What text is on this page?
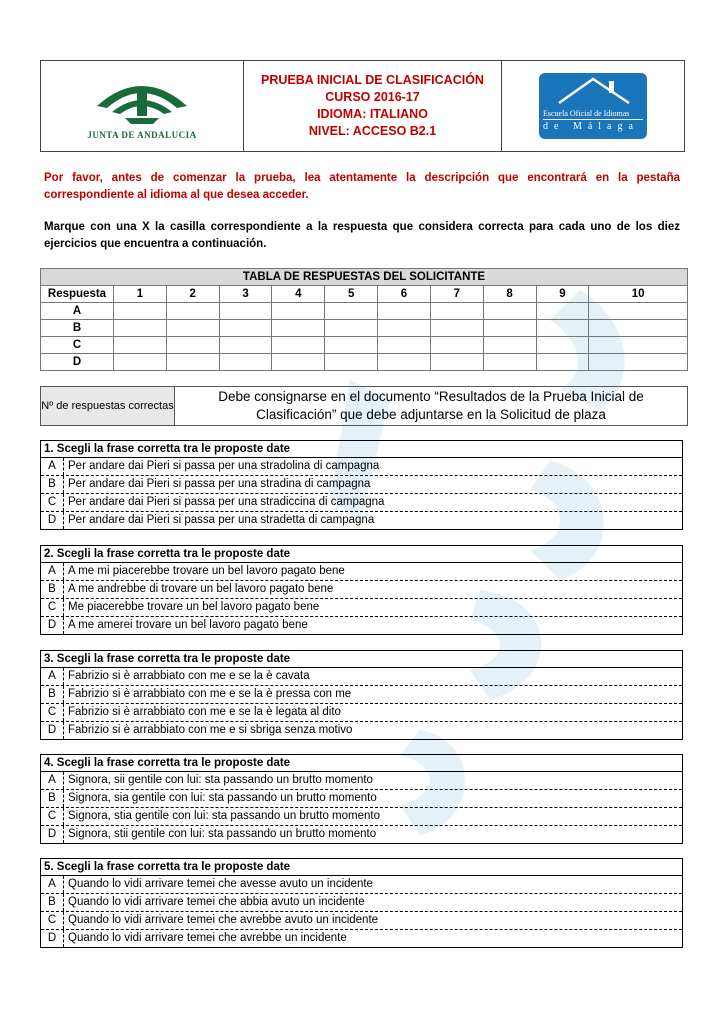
JUNTA DE ANDALUCIA
PRUEBA INICIAL DE CLASIFICACIÓN
CURSO 2016-17
IDIOMA: ITALIANO
NIVEL: ACCESO B2.1
Escuela Oficial de Idiomas
de Málaga
Por favor, antes de comenzar la prueba, lea atentamente la descripción que encontrará en la pestaña correspondiente al idioma al que desea acceder.
Marque con una X la casilla correspondiente a la respuesta que considera correcta para cada uno de los diez ejercicios que encuentra a continuación.
TABLA DE RESPUESTAS DEL SOLICITANTE										
Respuesta	1	2	3	4	5	6	7	8	9	10
A										
B										
C										
D										
Nº de respuestas correctas
Debe consignarse en el documento “Resultados de la Prueba Inicial de Clasificación” que debe adjuntarse en la Solicitud de plaza
1. Scegli la frase corretta tra le proposte date
A	Per andare dai Pieri si passa per una stradolina di campagna
B	Per andare dai Pieri si passa per una stradina di campagna
C	Per andare dai Pieri si passa per una stradiccina di campagna
D	Per andare dai Pieri si passa per una stradetta di campagna
2. Scegli la frase corretta tra le proposte date
A	A me mi piacerebbe trovare un bel lavoro pagato bene
B	A me andrebbe di trovare un bel lavoro pagato bene
C	Me piacerebbe trovare un bel lavoro pagato bene
D	A me amerei trovare un bel lavoro pagato bene
3. Scegli la frase corretta tra le proposte date
A	Fabrizio si è arrabbiato con me e se la è cavata
B	Fabrizio si è arrabbiato con me e se la è pressa con me
C	Fabrizio si è arrabbiato con me e se la è legata al dito
D	Fabrizio si è arrabbiato con me e si sbriga senza motivo
4. Scegli la frase corretta tra le proposte date
A	Signora, sii gentile con lui: sta passando un brutto momento
B	Signora, sia gentile con lui: sta passando un brutto momento
C	Signora, stia gentile con lui: sta passando un brutto momento
D	Signora, stii gentile con lui: sta passando un brutto momento
5. Scegli la frase corretta tra le proposte date
A	Quando lo vidi arrivare temei che avesse avuto un incidente
B	Quando lo vidi arrivare temei che abbia avuto un incidente
C	Quando lo vidi arrivare temei che avrebbe avuto un incidente
D	Quando lo vidi arrivare temei che avrebbe un incidente
